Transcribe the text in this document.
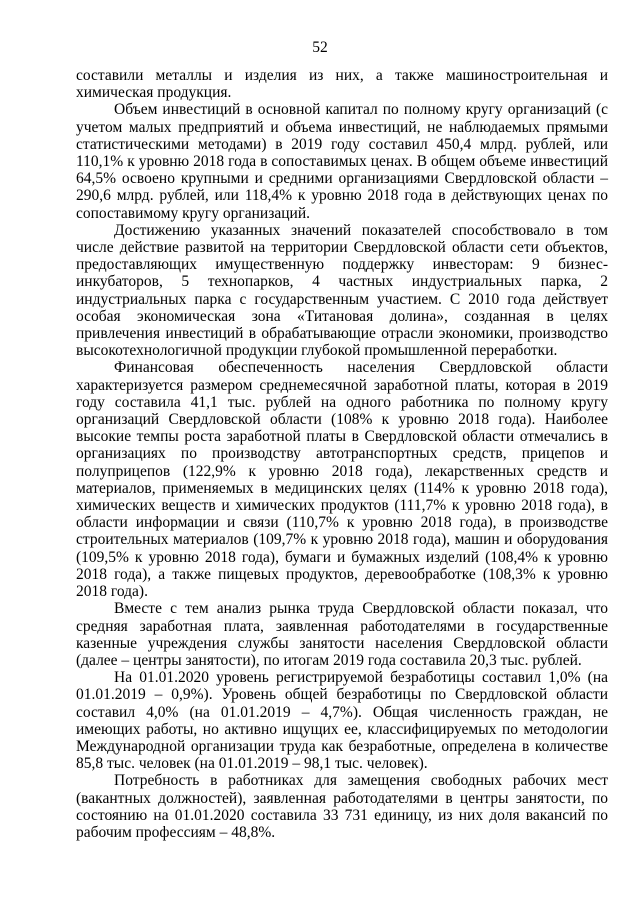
52

составили металлы и изделия из них, а также машиностроительная и химическая продукция.

Объем инвестиций в основной капитал по полному кругу организаций (с учетом малых предприятий и объема инвестиций, не наблюдаемых прямыми статистическими методами) в 2019 году составил 450,4 млрд. рублей, или 110,1% к уровню 2018 года в сопоставимых ценах. В общем объеме инвестиций 64,5% освоено крупными и средними организациями Свердловской области – 290,6 млрд. рублей, или 118,4% к уровню 2018 года в действующих ценах по сопоставимому кругу организаций.

Достижению указанных значений показателей способствовало в том числе действие развитой на территории Свердловской области сети объектов, предоставляющих имущественную поддержку инвесторам: 9 бизнес-инкубаторов, 5 технопарков, 4 частных индустриальных парка, 2 индустриальных парка с государственным участием. С 2010 года действует особая экономическая зона «Титановая долина», созданная в целях привлечения инвестиций в обрабатывающие отрасли экономики, производство высокотехнологичной продукции глубокой промышленной переработки.

Финансовая обеспеченность населения Свердловской области характеризуется размером среднемесячной заработной платы, которая в 2019 году составила 41,1 тыс. рублей на одного работника по полному кругу организаций Свердловской области (108% к уровню 2018 года). Наиболее высокие темпы роста заработной платы в Свердловской области отмечались в организациях по производству автотранспортных средств, прицепов и полуприцепов (122,9% к уровню 2018 года), лекарственных средств и материалов, применяемых в медицинских целях (114% к уровню 2018 года), химических веществ и химических продуктов (111,7% к уровню 2018 года), в области информации и связи (110,7% к уровню 2018 года), в производстве строительных материалов (109,7% к уровню 2018 года), машин и оборудования (109,5% к уровню 2018 года), бумаги и бумажных изделий (108,4% к уровню 2018 года), а также пищевых продуктов, деревообработке (108,3% к уровню 2018 года).

Вместе с тем анализ рынка труда Свердловской области показал, что средняя заработная плата, заявленная работодателями в государственные казенные учреждения службы занятости населения Свердловской области (далее – центры занятости), по итогам 2019 года составила 20,3 тыс. рублей.

На 01.01.2020 уровень регистрируемой безработицы составил 1,0% (на 01.01.2019 – 0,9%). Уровень общей безработицы по Свердловской области составил 4,0% (на 01.01.2019 – 4,7%). Общая численность граждан, не имеющих работы, но активно ищущих ее, классифицируемых по методологии Международной организации труда как безработные, определена в количестве 85,8 тыс. человек (на 01.01.2019 – 98,1 тыс. человек).

Потребность в работниках для замещения свободных рабочих мест (вакантных должностей), заявленная работодателями в центры занятости, по состоянию на 01.01.2020 составила 33 731 единицу, из них доля вакансий по рабочим профессиям – 48,8%.
